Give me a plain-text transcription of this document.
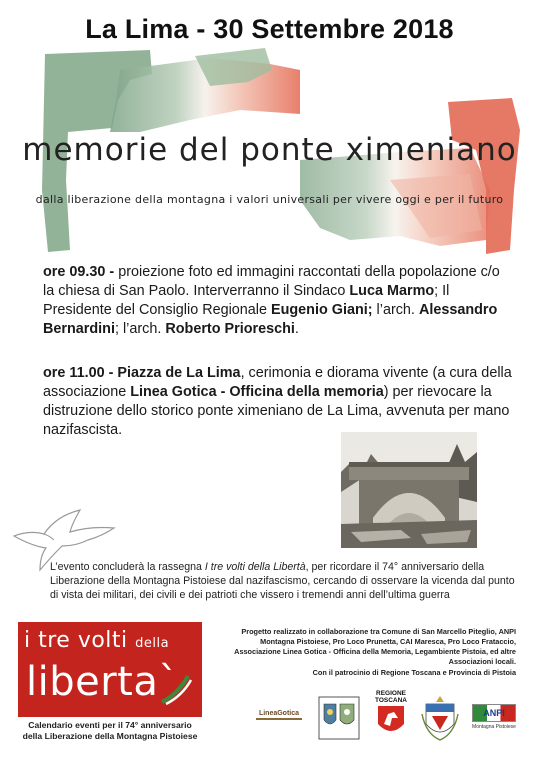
La Lima - 30 Settembre 2018
memorie del ponte ximeniano
dalla liberazione della montagna i valori universali per vivere oggi e per il futuro
ore 09.30 - proiezione foto ed immagini raccontati della popolazione c/o la chiesa di San Paolo. Interverranno il Sindaco Luca Marmo; Il Presidente del Consiglio Regionale Eugenio Giani; l’arch. Alessandro Bernardini; l’arch. Roberto Prioreschi.
ore 11.00 - Piazza de La Lima, cerimonia e diorama vivente (a cura della associazione Linea Gotica - Officina della memoria) per rievocare la distruzione dello storico ponte ximeniano de La Lima, avvenuta per mano nazifascista.
L’evento concluderà la rassegna I tre volti della Libertà, per ricordare il 74° anniversario della Liberazione della Montagna Pistoiese dal nazifascismo, cercando di osservare la vicenda dal punto di vista dei militari, dei civili e dei patrioti che vissero i tremendi anni dell’ultima guerra
i tre volti della
liberta`
Calendario eventi per il 74° anniversario della Liberazione della Montagna Pistoiese
Progetto realizzato in collaborazione tra Comune di San Marcello Piteglio, ANPI Montagna Pistoiese, Pro Loco Prunetta, CAI Maresca, Pro Loco Frataccio, Associazione Linea Gotica - Officina della Memoria, Legambiente Pistoia, ed altre Associazioni locali.
Con il patrocinio di Regione Toscana e Provincia di Pistoia
LineaGotica
REGIONE TOSCANA
ANPI
Montagna Pistoiese
